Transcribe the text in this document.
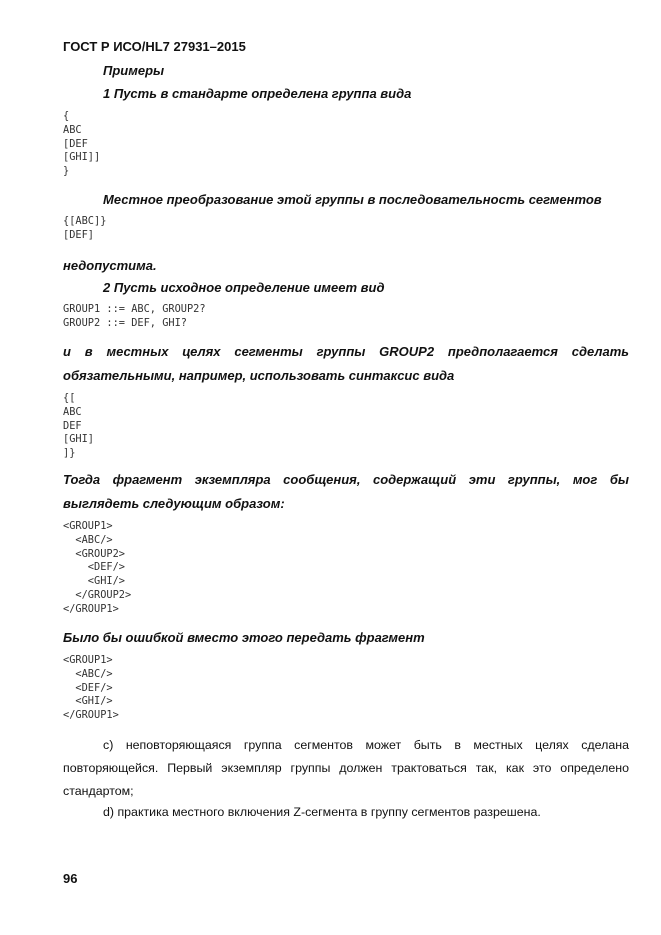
ГОСТ Р ИСО/HL7 27931–2015
Примеры
1 Пусть в стандарте определена группа вида
{
ABC
[DEF
[GHI]]
}
Местное преобразование этой группы в последовательность сегментов
{[ABC]}
[DEF]
недопустима.
2 Пусть исходное определение имеет вид
GROUP1 ::= ABC, GROUP2?
GROUP2 ::= DEF, GHI?
и в местных целях сегменты группы GROUP2 предполагается сделать обязательными, например, использовать синтаксис вида
{[
ABC
DEF
[GHI]
]}
Тогда фрагмент экземпляра сообщения, содержащий эти группы, мог бы выглядеть следующим образом:
<GROUP1>
<ABC/>
<GROUP2>
<DEF/>
<GHI/>
</GROUP2>
</GROUP1>
Было бы ошибкой вместо этого передать фрагмент
<GROUP1>
<ABC/>
<DEF/>
<GHI/>
</GROUP1>
с) неповторяющаяся группа сегментов может быть в местных целях сделана повторяющейся. Первый экземпляр группы должен трактоваться так, как это определено стандартом;
d) практика местного включения Z-сегмента в группу сегментов разрешена.
96
